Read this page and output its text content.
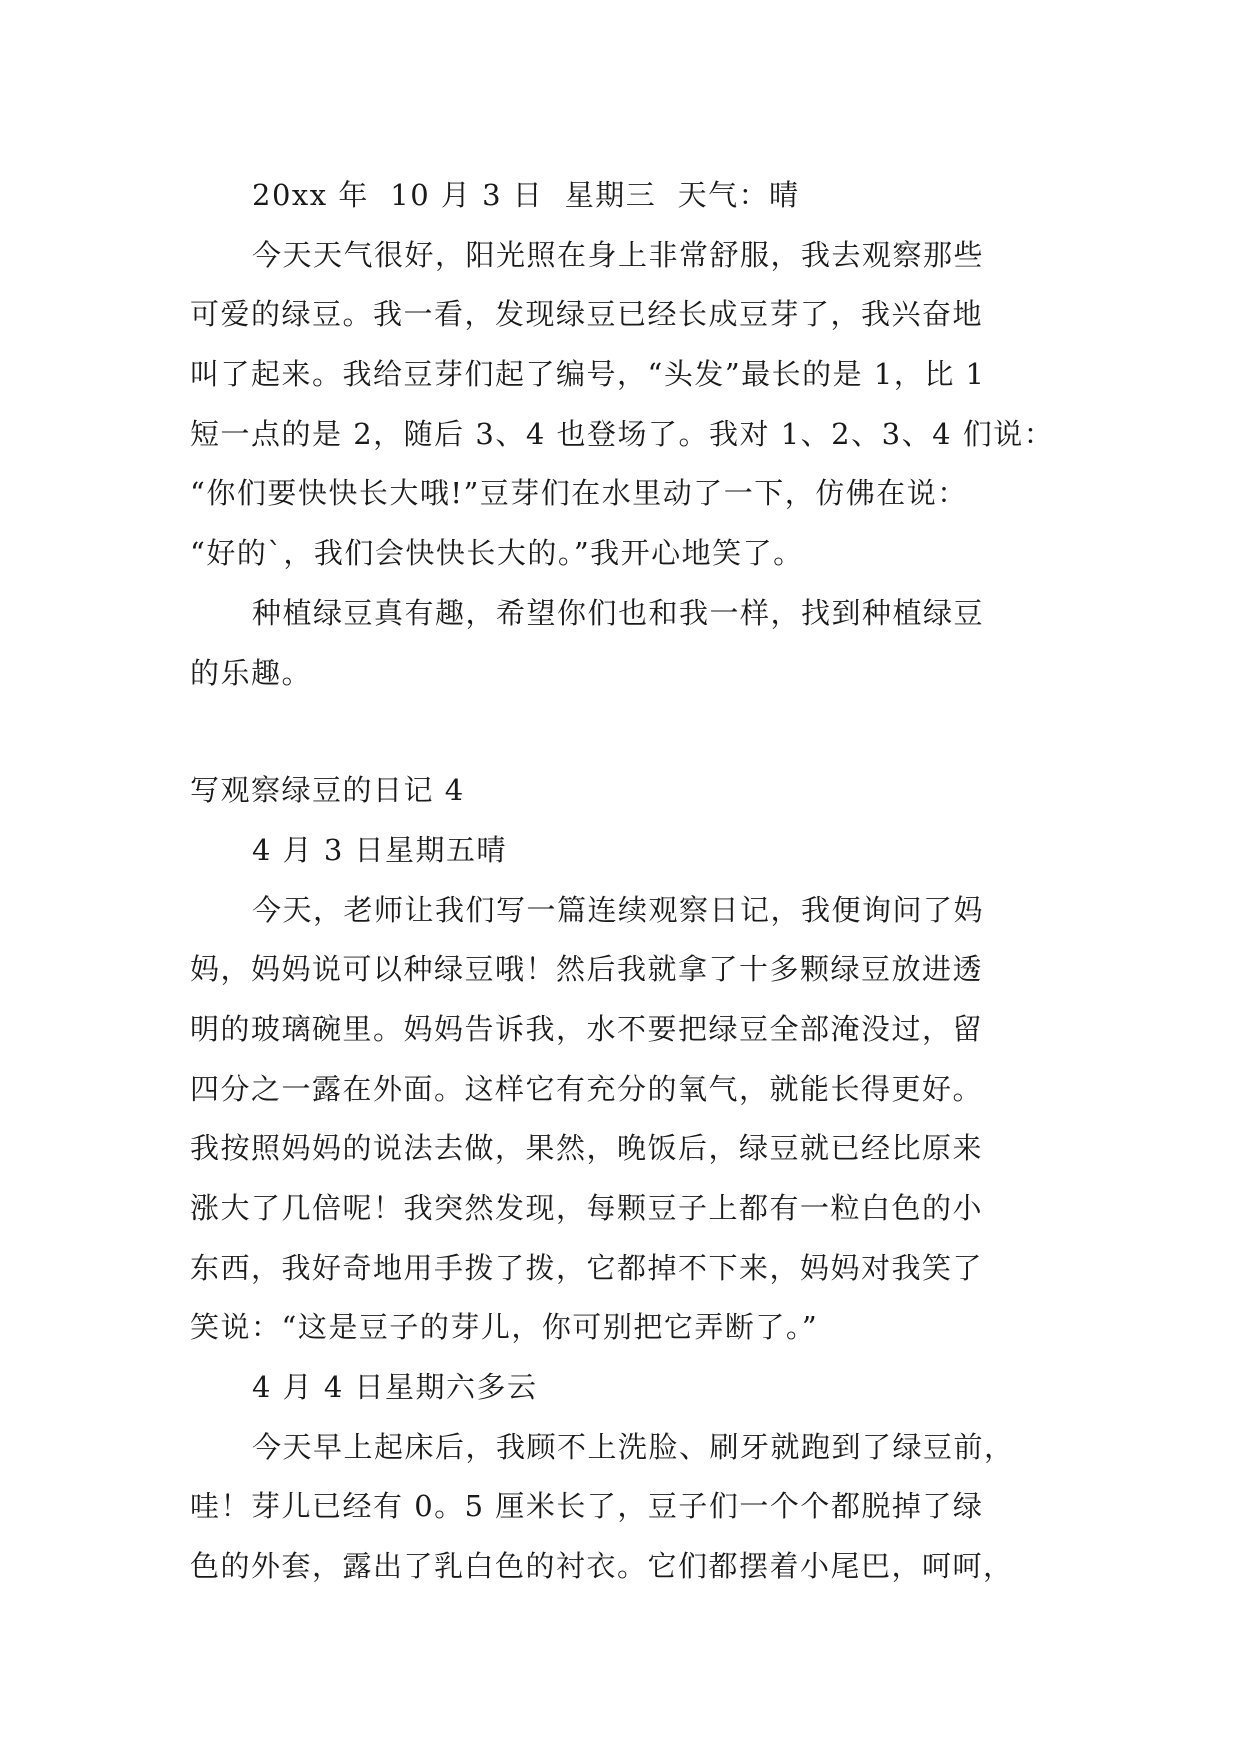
20xx 年  10 月 3 日  星期三  天气：晴
今天天气很好，阳光照在身上非常舒服，我去观察那些
可爱的绿豆。我一看，发现绿豆已经长成豆芽了，我兴奋地
叫了起来。我给豆芽们起了编号，“头发”最长的是 1，比 1
短一点的是 2，随后 3、4 也登场了。我对 1、2、3、4 们说：
“你们要快快长大哦!”豆芽们在水里动了一下，仿佛在说：
“好的`，我们会快快长大的。”我开心地笑了。
种植绿豆真有趣，希望你们也和我一样，找到种植绿豆
的乐趣。
写观察绿豆的日记 4
4 月 3 日星期五晴
今天，老师让我们写一篇连续观察日记，我便询问了妈
妈，妈妈说可以种绿豆哦！然后我就拿了十多颗绿豆放进透
明的玻璃碗里。妈妈告诉我，水不要把绿豆全部淹没过，留
四分之一露在外面。这样它有充分的氧气，就能长得更好。
我按照妈妈的说法去做，果然，晚饭后，绿豆就已经比原来
涨大了几倍呢！我突然发现，每颗豆子上都有一粒白色的小
东西，我好奇地用手拨了拨，它都掉不下来，妈妈对我笑了
笑说：“这是豆子的芽儿，你可别把它弄断了。”
4 月 4 日星期六多云
今天早上起床后，我顾不上洗脸、刷牙就跑到了绿豆前，
哇！芽儿已经有 0。5 厘米长了，豆子们一个个都脱掉了绿
色的外套，露出了乳白色的衬衣。它们都摆着小尾巴，呵呵，
